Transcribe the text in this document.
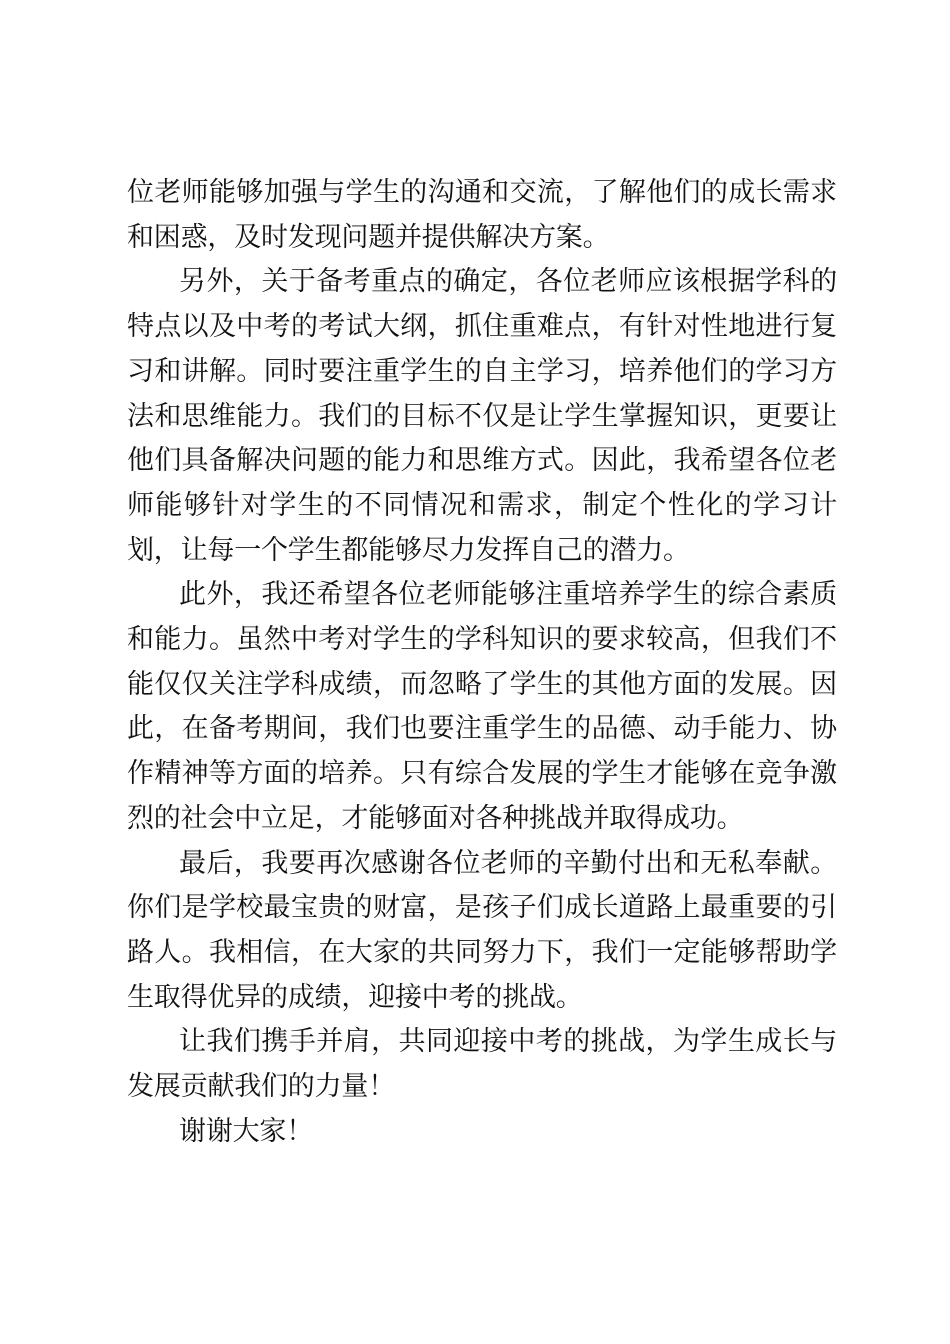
位老师能够加强与学生的沟通和交流，了解他们的成长需求和困惑，及时发现问题并提供解决方案。

另外，关于备考重点的确定，各位老师应该根据学科的特点以及中考的考试大纲，抓住重难点，有针对性地进行复习和讲解。同时要注重学生的自主学习，培养他们的学习方法和思维能力。我们的目标不仅是让学生掌握知识，更要让他们具备解决问题的能力和思维方式。因此，我希望各位老师能够针对学生的不同情况和需求，制定个性化的学习计划，让每一个学生都能够尽力发挥自己的潜力。

此外，我还希望各位老师能够注重培养学生的综合素质和能力。虽然中考对学生的学科知识的要求较高，但我们不能仅仅关注学科成绩，而忽略了学生的其他方面的发展。因此，在备考期间，我们也要注重学生的品德、动手能力、协作精神等方面的培养。只有综合发展的学生才能够在竞争激烈的社会中立足，才能够面对各种挑战并取得成功。

最后，我要再次感谢各位老师的辛勤付出和无私奉献。你们是学校最宝贵的财富，是孩子们成长道路上最重要的引路人。我相信，在大家的共同努力下，我们一定能够帮助学生取得优异的成绩，迎接中考的挑战。

让我们携手并肩，共同迎接中考的挑战，为学生成长与发展贡献我们的力量！

谢谢大家！
